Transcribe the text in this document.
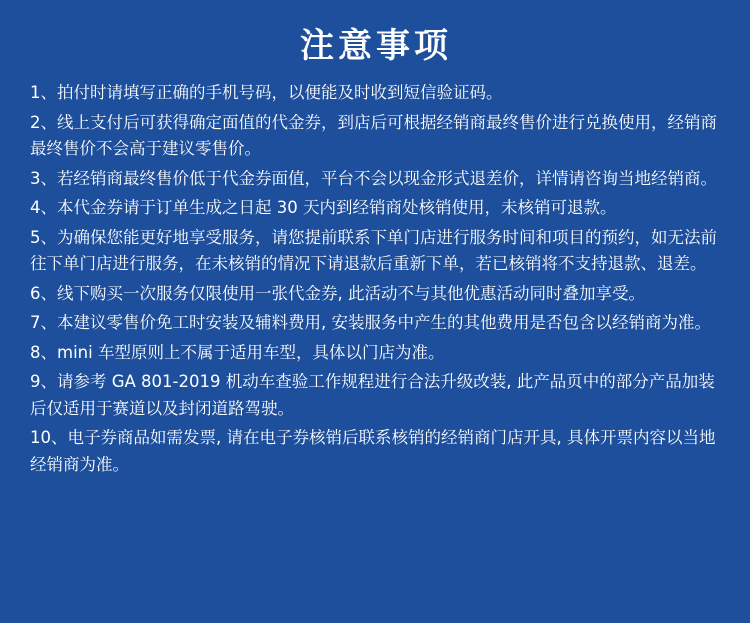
注意事项
1、拍付时请填写正确的手机号码，以便能及时收到短信验证码。
2、线上支付后可获得确定面值的代金券，到店后可根据经销商最终售价进行兑换使用，经销商最终售价不会高于建议零售价。
3、若经销商最终售价低于代金券面值，平台不会以现金形式退差价，详情请咨询当地经销商。
4、本代金券请于订单生成之日起 30 天内到经销商处核销使用，未核销可退款。
5、为确保您能更好地享受服务，请您提前联系下单门店进行服务时间和项目的预约，如无法前往下单门店进行服务，在未核销的情况下请退款后重新下单，若已核销将不支持退款、退差。
6、线下购买一次服务仅限使用一张代金券, 此活动不与其他优惠活动同时叠加享受。
7、本建议零售价免工时安装及辅料费用, 安装服务中产生的其他费用是否包含以经销商为准。
8、mini 车型原则上不属于适用车型，具体以门店为准。
9、请参考 GA 801-2019 机动车查验工作规程进行合法升级改装, 此产品页中的部分产品加装后仅适用于赛道以及封闭道路驾驶。
10、电子券商品如需发票, 请在电子券核销后联系核销的经销商门店开具, 具体开票内容以当地经销商为准。
